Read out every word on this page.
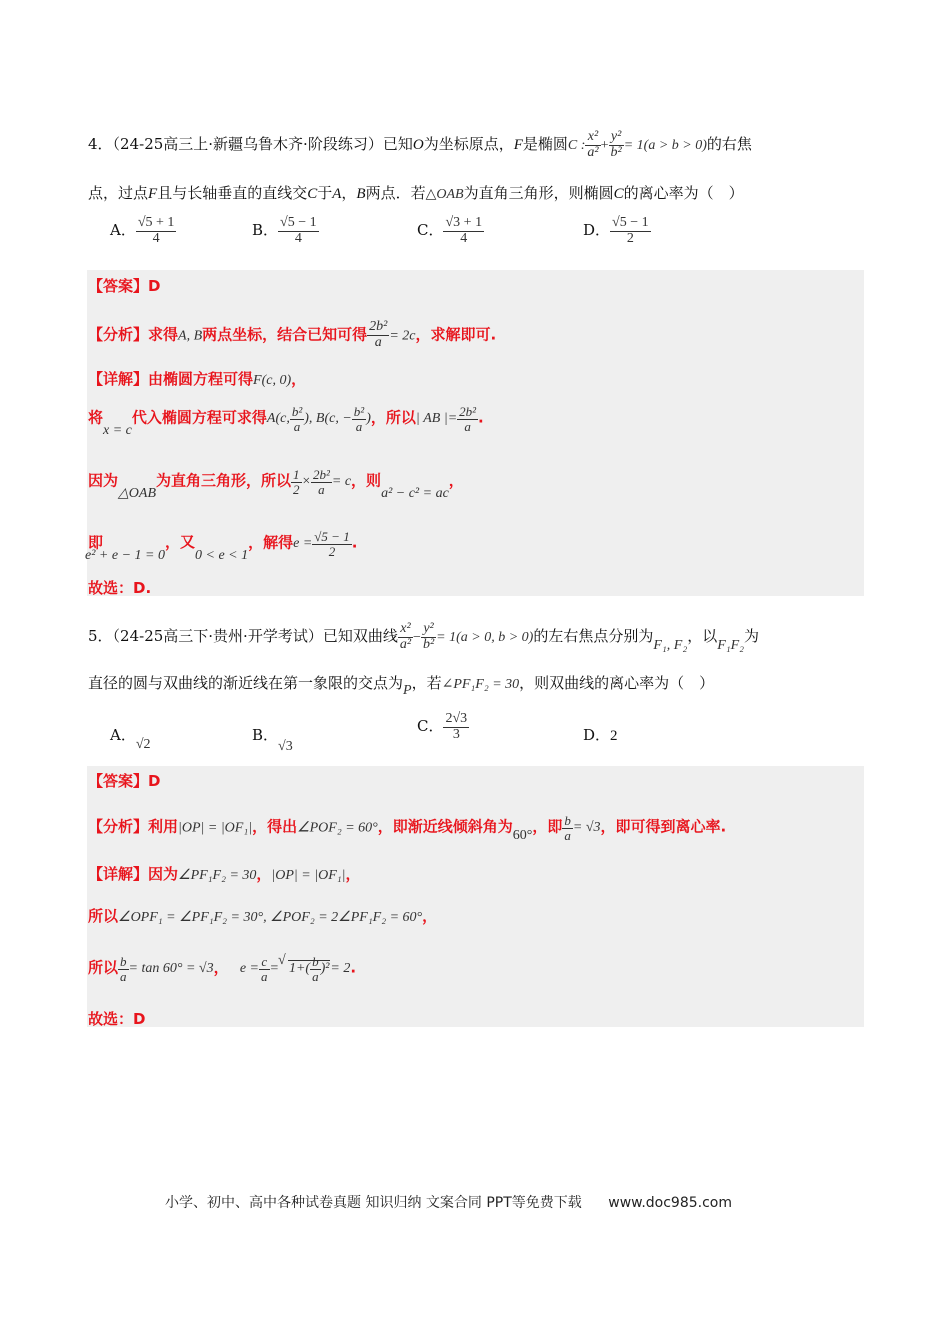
4．（24-25高三上·新疆乌鲁木齐·阶段练习）已知O为坐标原点，F是椭圆C : $\frac{\text{x²}}{\text{a²}} + \frac{\text{y²}}{\text{b²}} = 1(a > b > 0)$的右焦
点，过点F且与长轴垂直的直线交C于A，B两点．若△OAB为直角三角形，则椭圆C的离心率为（　）
A． $\frac{√5 + 1}{4}$	B． $\frac{√5 - 1}{4}$	C． $\frac{√3 + 1}{4}$	D． $\frac{√5 - 1}{2}$
【答案】D
【分析】求得A, B两点坐标，结合已知可得 $\frac{\text{2b²}}{a} = 2c$，求解即可.
【详解】由椭圆方程可得F(c, 0)，
将x = c代入椭圆方程可求得A(c, $\frac{\text{b²}}{a}$ ), B(c, − $\frac{\text{b²}}{a}$ )，所以| AB |= $\frac{\text{2b²}}{a}$ .
因为△OAB为直角三角形，所以 $\frac{1}{2} \times \frac{\text{2b²}}{a} = c$，则a² − c² = ac，
即e² + e − 1 = 0，又0 < e < 1，解得$e = \frac{√5 - 1}{2}$ .
故选：D.
5．（24-25高三下·贵州·开学考试）已知双曲线 $\frac{\text{x²}}{\text{a²}} - \frac{\text{y²}}{\text{b²}} = 1(a > 0$, b > 0)的左右焦点分别为F₁, F₂，以F₁F₂为
直径的圆与双曲线的渐近线在第一象限的交点为P，若∠PF₁F₂ = 30，则双曲线的离心率为（　）
A．√2
B．√3
C． $\frac{2√3}{3}$	D．2
【答案】D
【分析】利用|OP| = |OF₁|，得出∠POF₂ = 60°，即渐近线倾斜角为60°，即 $\frac{b}{a} = √3$，即可得到离心率.
【详解】因为∠PF₁F₂ = 30，|OP| = |OF₁|，
所以∠OPF₁ = ∠PF₁F₂ = 30°, ∠POF₂ = 2∠PF₁F₂ = 60°，
所以 $\frac{b}{a} = \tan 60^\circ = √3$， $e = \frac{c}{a}$ =√ $1+( \frac{b}{a} )^2= 2$.
故选：D
小学、初中、高中各种试卷真题 知识归纳 文案合同 PPT等免费下载 www.doc985.com
